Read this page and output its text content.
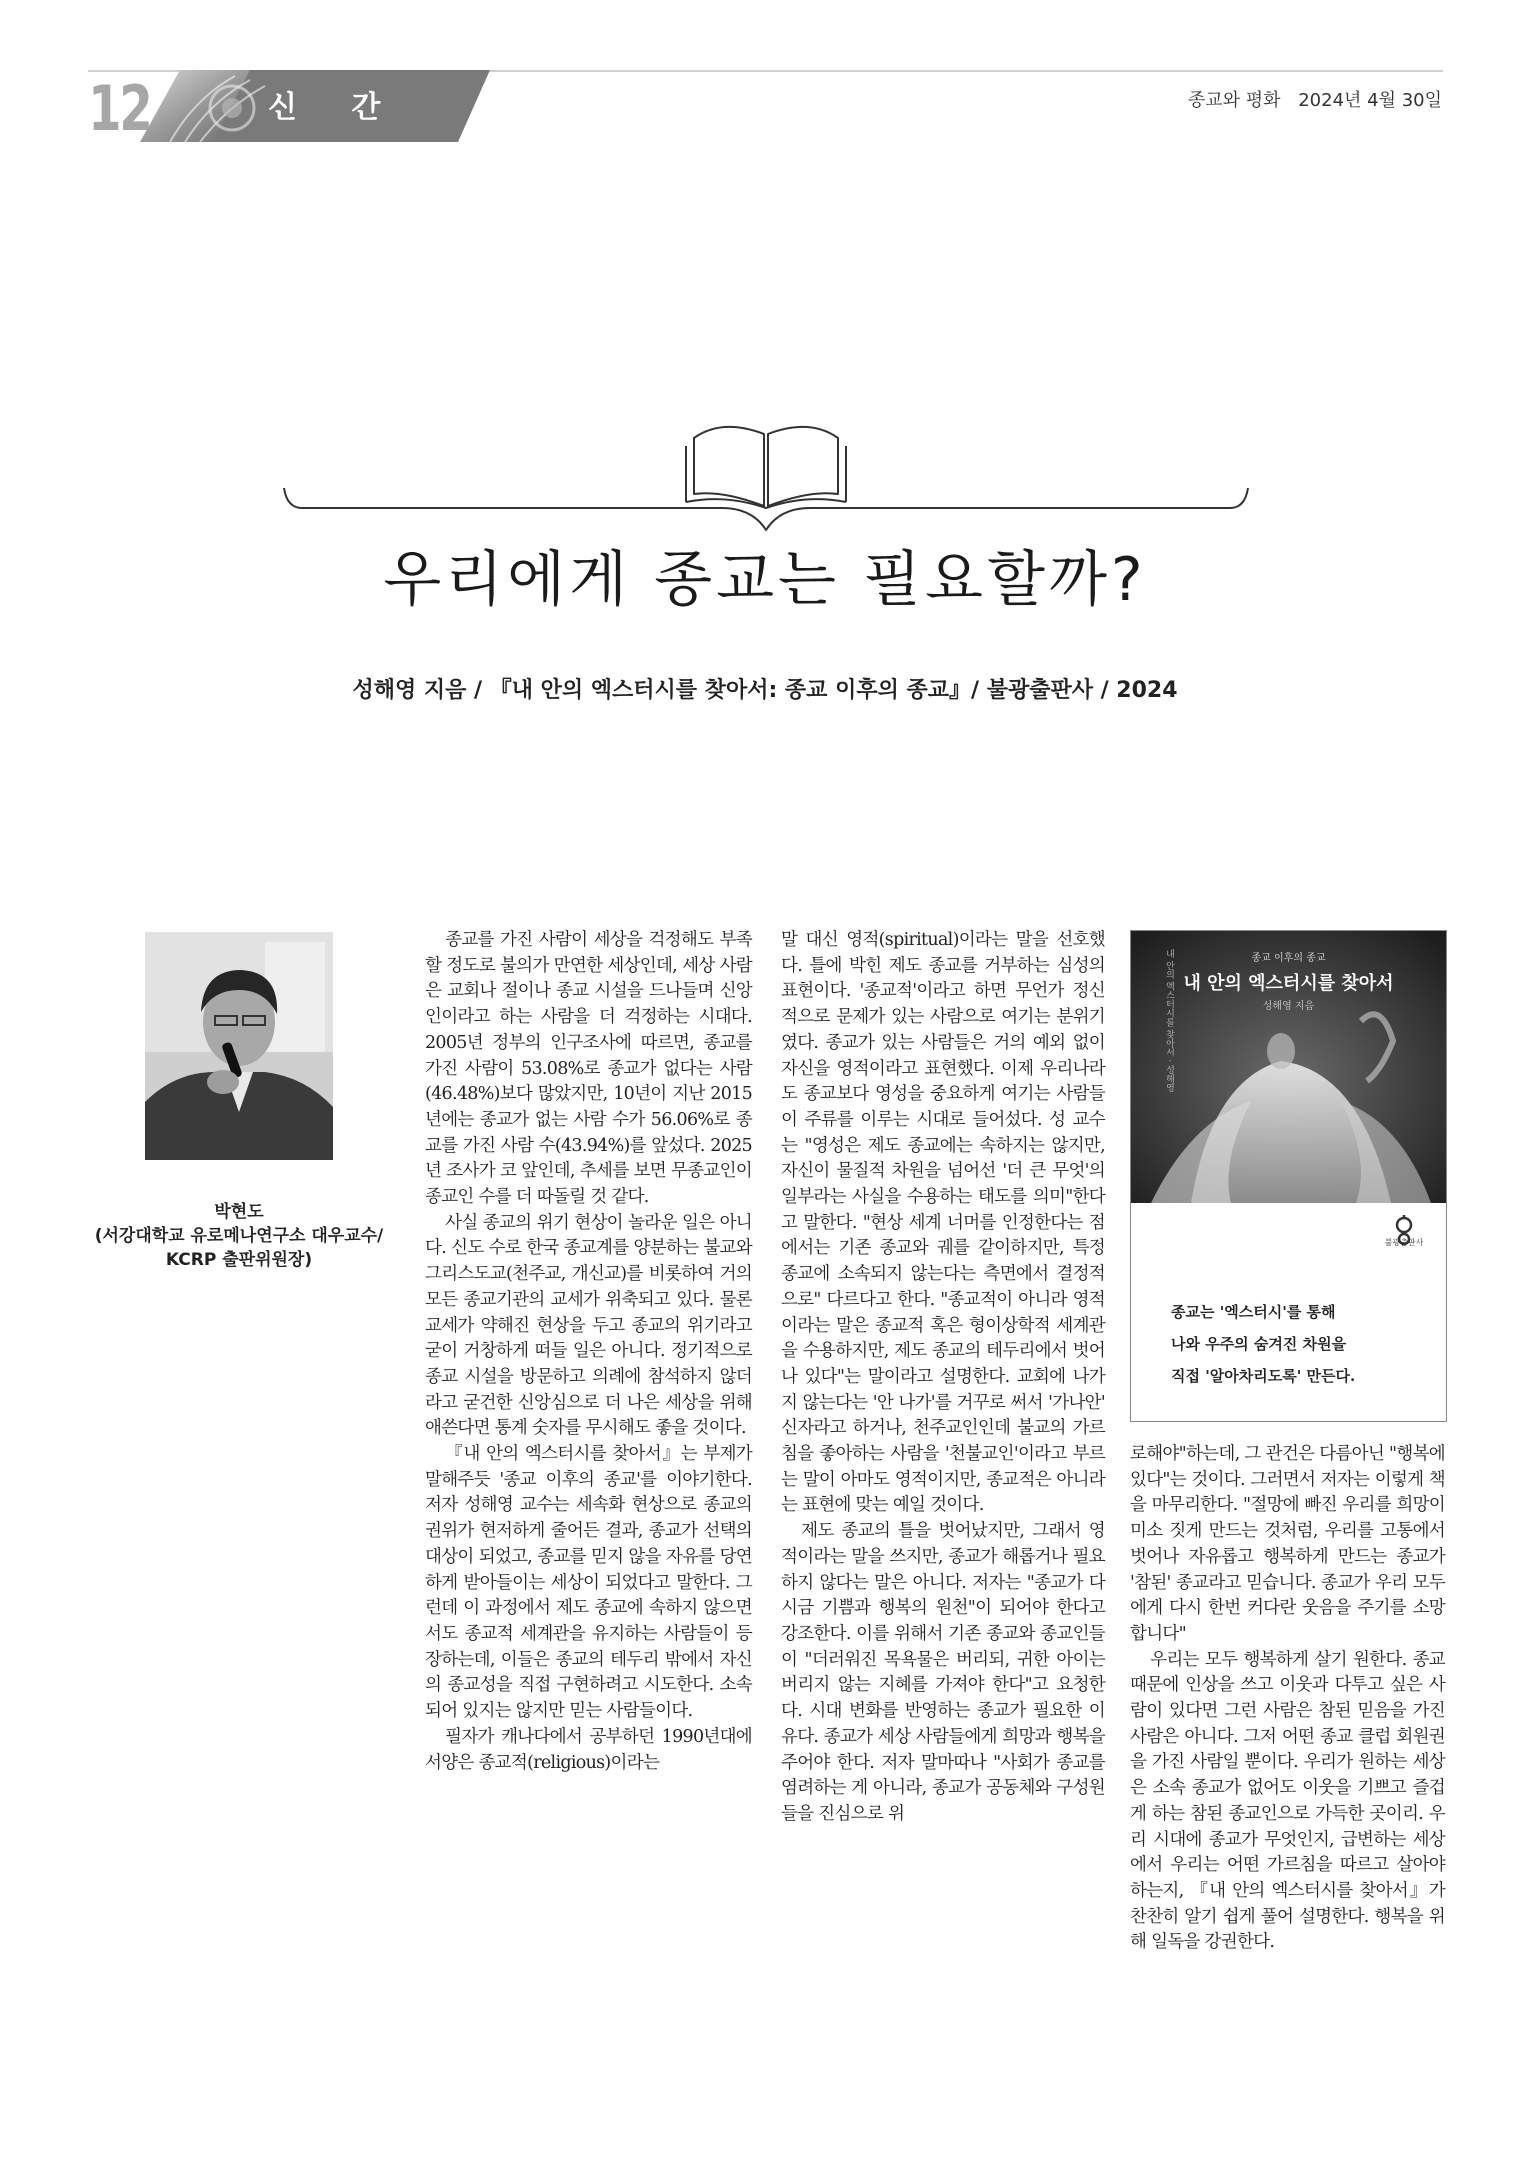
12	신 간	종교와 평화 2024년 4월 30일
우리에게 종교는 필요할까?
성해영 지음 / 『내 안의 엑스터시를 찾아서: 종교 이후의 종교』/ 불광출판사 / 2024
박현도
(서강대학교 유로메나연구소 대우교수/
KCRP 출판위원장)

종교를 가진 사람이 세상을 걱정해도 부족할 정도로 불의가 만연한 세상인데, 세상 사람은 교회나 절이나 종교 시설을 드나들며 신앙인이라고 하는 사람을 더 걱정하는 시대다. 2005년 정부의 인구조사에 따르면, 종교를 가진 사람이 53.08%로 종교가 없다는 사람(46.48%)보다 많았지만, 10년이 지난 2015년에는 종교가 없는 사람 수가 56.06%로 종교를 가진 사람 수(43.94%)를 앞섰다. 2025년 조사가 코 앞인데, 추세를 보면 무종교인이 종교인 수를 더 따돌릴 것 같다.

사실 종교의 위기 현상이 놀라운 일은 아니다. 신도 수로 한국 종교계를 양분하는 불교와 그리스도교(천주교, 개신교)를 비롯하여 거의 모든 종교기관의 교세가 위축되고 있다. 물론 교세가 약해진 현상을 두고 종교의 위기라고 굳이 거창하게 떠들 일은 아니다. 정기적으로 종교 시설을 방문하고 의례에 참석하지 않더라고 굳건한 신앙심으로 더 나은 세상을 위해 애쓴다면 통계 숫자를 무시해도 좋을 것이다.

『내 안의 엑스터시를 찾아서』는 부제가 말해주듯 '종교 이후의 종교'를 이야기한다. 저자 성해영 교수는 세속화 현상으로 종교의 권위가 현저하게 줄어든 결과, 종교가 선택의 대상이 되었고, 종교를 믿지 않을 자유를 당연하게 받아들이는 세상이 되었다고 말한다. 그런데 이 과정에서 제도 종교에 속하지 않으면서도 종교적 세계관을 유지하는 사람들이 등장하는데, 이들은 종교의 테두리 밖에서 자신의 종교성을 직접 구현하려고 시도한다. 소속되어 있지는 않지만 믿는 사람들이다.

필자가 캐나다에서 공부하던 1990년대에 서양은 종교적(religious)이라는

말 대신 영적(spiritual)이라는 말을 선호했다. 틀에 박힌 제도 종교를 거부하는 심성의 표현이다. '종교적'이라고 하면 무언가 정신적으로 문제가 있는 사람으로 여기는 분위기였다. 종교가 있는 사람들은 거의 예외 없이 자신을 영적이라고 표현했다. 이제 우리나라도 종교보다 영성을 중요하게 여기는 사람들이 주류를 이루는 시대로 들어섰다. 성 교수는 "영성은 제도 종교에는 속하지는 않지만, 자신이 물질적 차원을 넘어선 '더 큰 무엇'의 일부라는 사실을 수용하는 태도를 의미"한다고 말한다. "현상 세계 너머를 인정한다는 점에서는 기존 종교와 궤를 같이하지만, 특정 종교에 소속되지 않는다는 측면에서 결정적으로" 다르다고 한다. "종교적이 아니라 영적이라는 말은 종교적 혹은 형이상학적 세계관을 수용하지만, 제도 종교의 테두리에서 벗어나 있다"는 말이라고 설명한다. 교회에 나가지 않는다는 '안 나가'를 거꾸로 써서 '가나안' 신자라고 하거나, 천주교인인데 불교의 가르침을 좋아하는 사람을 '천불교인'이라고 부르는 말이 아마도 영적이지만, 종교적은 아니라는 표현에 맞는 예일 것이다.

제도 종교의 틀을 벗어났지만, 그래서 영적이라는 말을 쓰지만, 종교가 해롭거나 필요하지 않다는 말은 아니다. 저자는 "종교가 다시금 기쁨과 행복의 원천"이 되어야 한다고 강조한다. 이를 위해서 기존 종교와 종교인들이 "더러워진 목욕물은 버리되, 귀한 아이는 버리지 않는 지혜를 가져야 한다"고 요청한다. 시대 변화를 반영하는 종교가 필요한 이유다. 종교가 세상 사람들에게 희망과 행복을 주어야 한다. 저자 말마따나 "사회가 종교를 염려하는 게 아니라, 종교가 공동체와 구성원들을 진심으로 위

내 안의 엑스터시를 찾아서 · 성해영	종교 이후의 종교
내 안의 엑스터시를 찾아서
성해영 지음
불광출판사
종교는 '엑스터시'를 통해
나와 우주의 숨겨진 차원을
직접 '알아차리도록' 만든다.

로해야"하는데, 그 관건은 다름아닌 "행복에 있다"는 것이다. 그러면서 저자는 이렇게 책을 마무리한다. "절망에 빠진 우리를 희망이 미소 짓게 만드는 것처럼, 우리를 고통에서 벗어나 자유롭고 행복하게 만드는 종교가 '참된' 종교라고 믿습니다. 종교가 우리 모두에게 다시 한번 커다란 웃음을 주기를 소망합니다"

우리는 모두 행복하게 살기 원한다. 종교 때문에 인상을 쓰고 이웃과 다투고 싶은 사람이 있다면 그런 사람은 참된 믿음을 가진 사람은 아니다. 그저 어떤 종교 클럽 회원권을 가진 사람일 뿐이다. 우리가 원하는 세상은 소속 종교가 없어도 이웃을 기쁘고 즐겁게 하는 참된 종교인으로 가득한 곳이리. 우리 시대에 종교가 무엇인지, 급변하는 세상에서 우리는 어떤 가르침을 따르고 살아야 하는지, 『내 안의 엑스터시를 찾아서』가 찬찬히 알기 쉽게 풀어 설명한다. 행복을 위해 일독을 강권한다.
